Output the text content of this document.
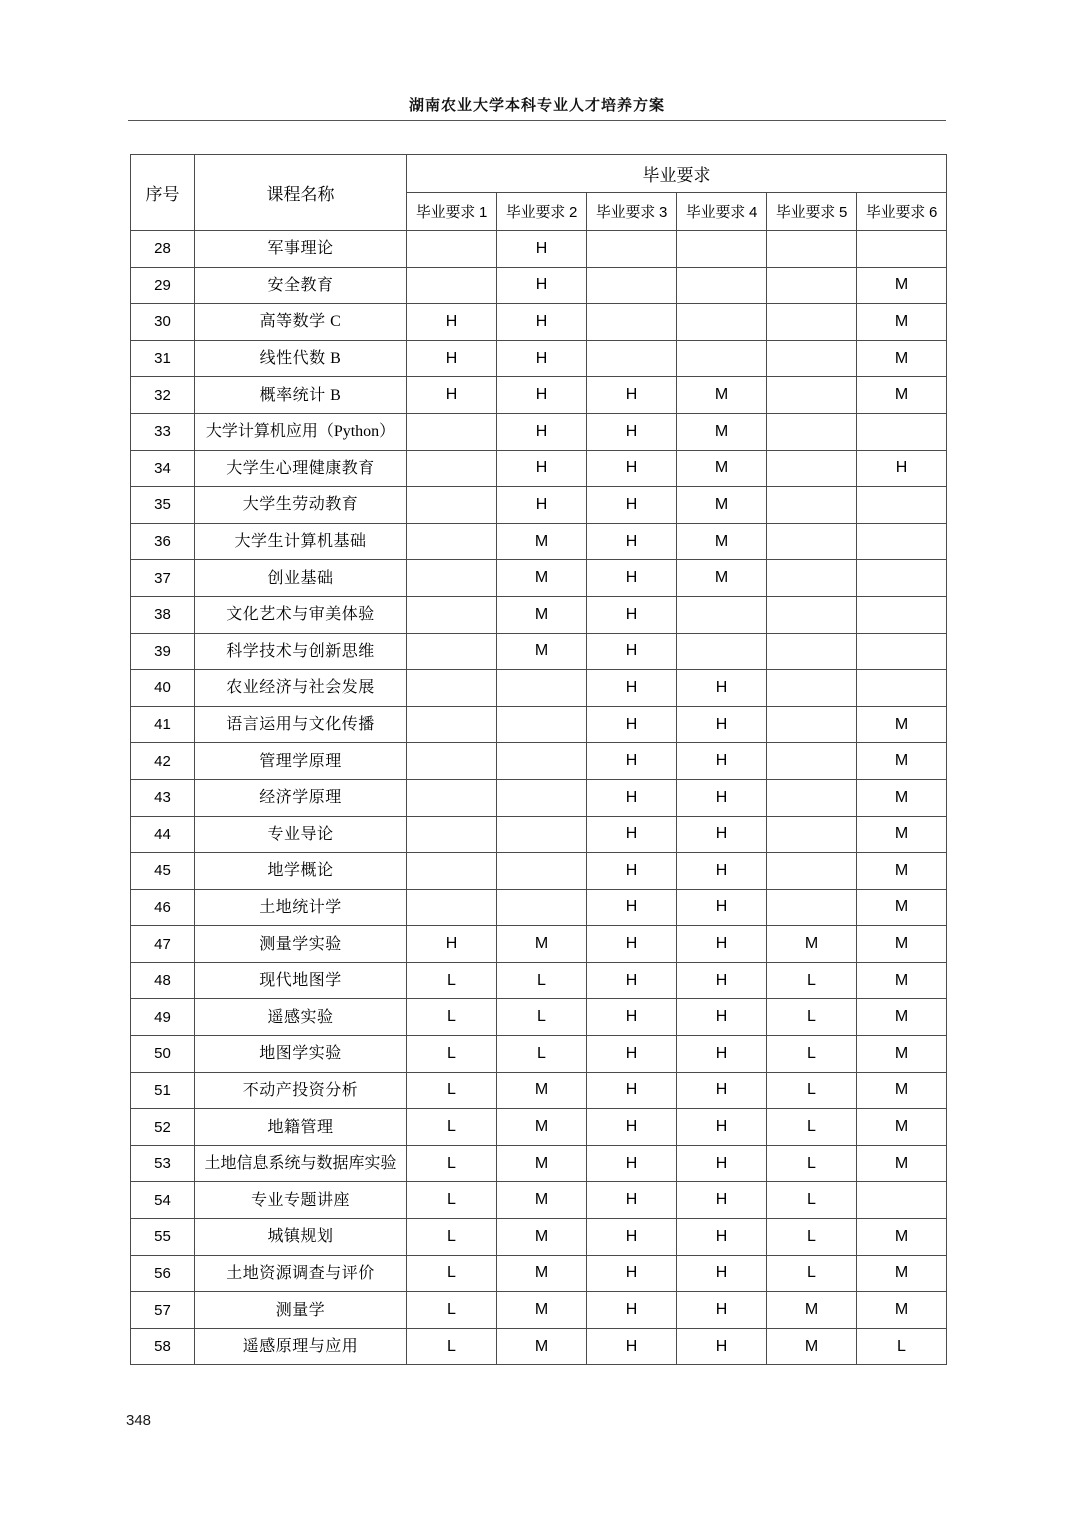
湖南农业大学本科专业人才培养方案
序号	课程名称	毕业要求					
		毕业要求 1	毕业要求 2	毕业要求 3	毕业要求 4	毕业要求 5	毕业要求 6
28	军事理论		H				
29	安全教育		H				M
30	高等数学 C	H	H				M
31	线性代数 B	H	H				M
32	概率统计 B	H	H	H	M		M
33	大学计算机应用（Python）		H	H	M		
34	大学生心理健康教育		H	H	M		H
35	大学生劳动教育		H	H	M		
36	大学生计算机基础		M	H	M		
37	创业基础		M	H	M		
38	文化艺术与审美体验		M	H			
39	科学技术与创新思维		M	H			
40	农业经济与社会发展			H	H		
41	语言运用与文化传播			H	H		M
42	管理学原理			H	H		M
43	经济学原理			H	H		M
44	专业导论			H	H		M
45	地学概论			H	H		M
46	土地统计学			H	H		M
47	测量学实验	H	M	H	H	M	M
48	现代地图学	L	L	H	H	L	M
49	遥感实验	L	L	H	H	L	M
50	地图学实验	L	L	H	H	L	M
51	不动产投资分析	L	M	H	H	L	M
52	地籍管理	L	M	H	H	L	M
53	土地信息系统与数据库实验	L	M	H	H	L	M
54	专业专题讲座	L	M	H	H	L	
55	城镇规划	L	M	H	H	L	M
56	土地资源调查与评价	L	M	H	H	L	M
57	测量学	L	M	H	H	M	M
58	遥感原理与应用	L	M	H	H	M	L
348
